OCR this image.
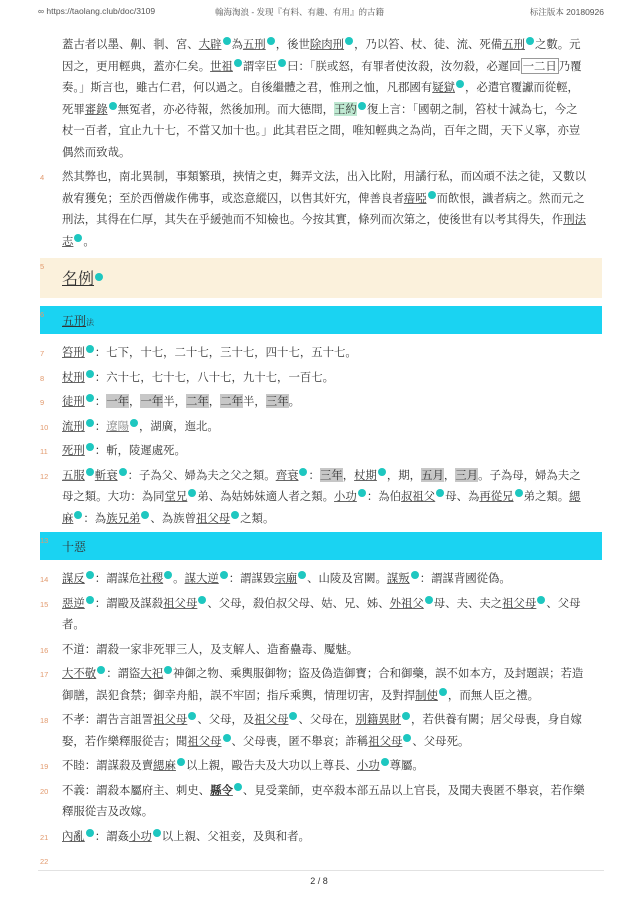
∞ https://taolang.club/doc/3109	翰海淘浪 - 发现『有料、有趣、有用』的古籍	标注版本 20180926
蓋古者以墨、劓、剕、宮、大辟 為五刑 ，後世除肉刑 ，乃以笞、杖、徒、流、死備五刑 之數。元因之，更用輕典，蓋亦仁矣。世祖 謂宰臣 曰：「朕或怒，有罪者使汝殺，汝勿殺，必遲回 一二日 乃覆奏。」斯言也，雖古仁君，何以過之。自後繼體之君，惟刑之恤，凡郡國有疑獄 ，必遣官覆讞而從輕，死罪審錄 無冤者，亦必待報，然後加刑。而大德間，王約 復上言：「國朝之制，笞杖十減為七，今之杖一百者，宜止九十七，不當又加十也。」此其君臣之間，唯知輕典之為尚，百年之間，天下乂寧，亦豈偶然而致哉。
4 然其弊也，南北異制，事類繁瑣，挾情之吏，舞弄文法，出入比附，用譎行私，而凶頑不法之徒，又數以赦宥獲免；至於西僧歲作佛事，或恣意縱囚，以售其奸宄，俾善良者瘖啞 而飲恨，識者病之。然而元之刑法，其得在仁厚，其失在乎緩弛而不知檢也。今按其實，條列而次第之，使後世有以考其得失，作刑法志 。
5
名例
6 五刑法
7 笞刑 ：七下，十七，二十七，三十七，四十七，五十七。
8 杖刑 ：六十七，七十七，八十七，九十七，一百七。
9 徒刑 ：一年，一年半，二年，二年半，三年。
10 流刑 ：遼陽 ，湖廣，迤北。
11 死刑 ：斬，陵遲處死。
12 五服 斬衰 ：子為父、婦為夫之父之類。齊衰 ：三年，杖期 ，期，五月，三月。子為母，婦為夫之母之類。大功：為同堂兄 弟、為姑姊妹適人者之類。小功 ：為伯叔祖父 母、為再從兄 弟之類。緦麻 ：為族兄弟 、為族曾祖父母 之類。
13 十惡
14 謀反 ：謂謀危社稷 。謀大逆 ：謂謀毀宗廟 、山陵及宮闕。謀叛 ：謂謀背國從偽。
15 惡逆 ：謂毆及謀殺祖父母 、父母，殺伯叔父母、姑、兄、姊、外祖父 母、夫、夫之祖父母 、父母者。
16 不道：謂殺一家非死罪三人，及支解人、造畜蠱毒、魘魅。
17 大不敬 ：謂盜大祀 神御之物、乘輿服御物；盜及偽造御寶；合和御藥，誤不如本方，及封題誤；若造御膳，誤犯食禁；御幸舟船，誤不牢固；指斥乘輿，情理切害，及對捍制使 ，而無人臣之禮。
18 不孝：謂告言詛詈祖父母 、父母，及祖父母 、父母在，別籍異財 ，若供養有闕；居父母喪，身自嫁娶，若作樂釋服從吉；聞祖父母 、父母喪，匿不舉哀；詐稱祖父母 、父母死。
19 不睦：謂謀殺及賣緦麻 以上親，毆告夫及大功以上尊長、小功 尊屬。
20 不義：謂殺本屬府主、刺史、縣令 、見受業師，吏卒殺本部五品以上官長，及聞夫喪匿不舉哀，若作樂釋服從吉及改嫁。
21 內亂 ：謂姦小功 以上親、父祖妾，及與和者。
22
2 / 8
